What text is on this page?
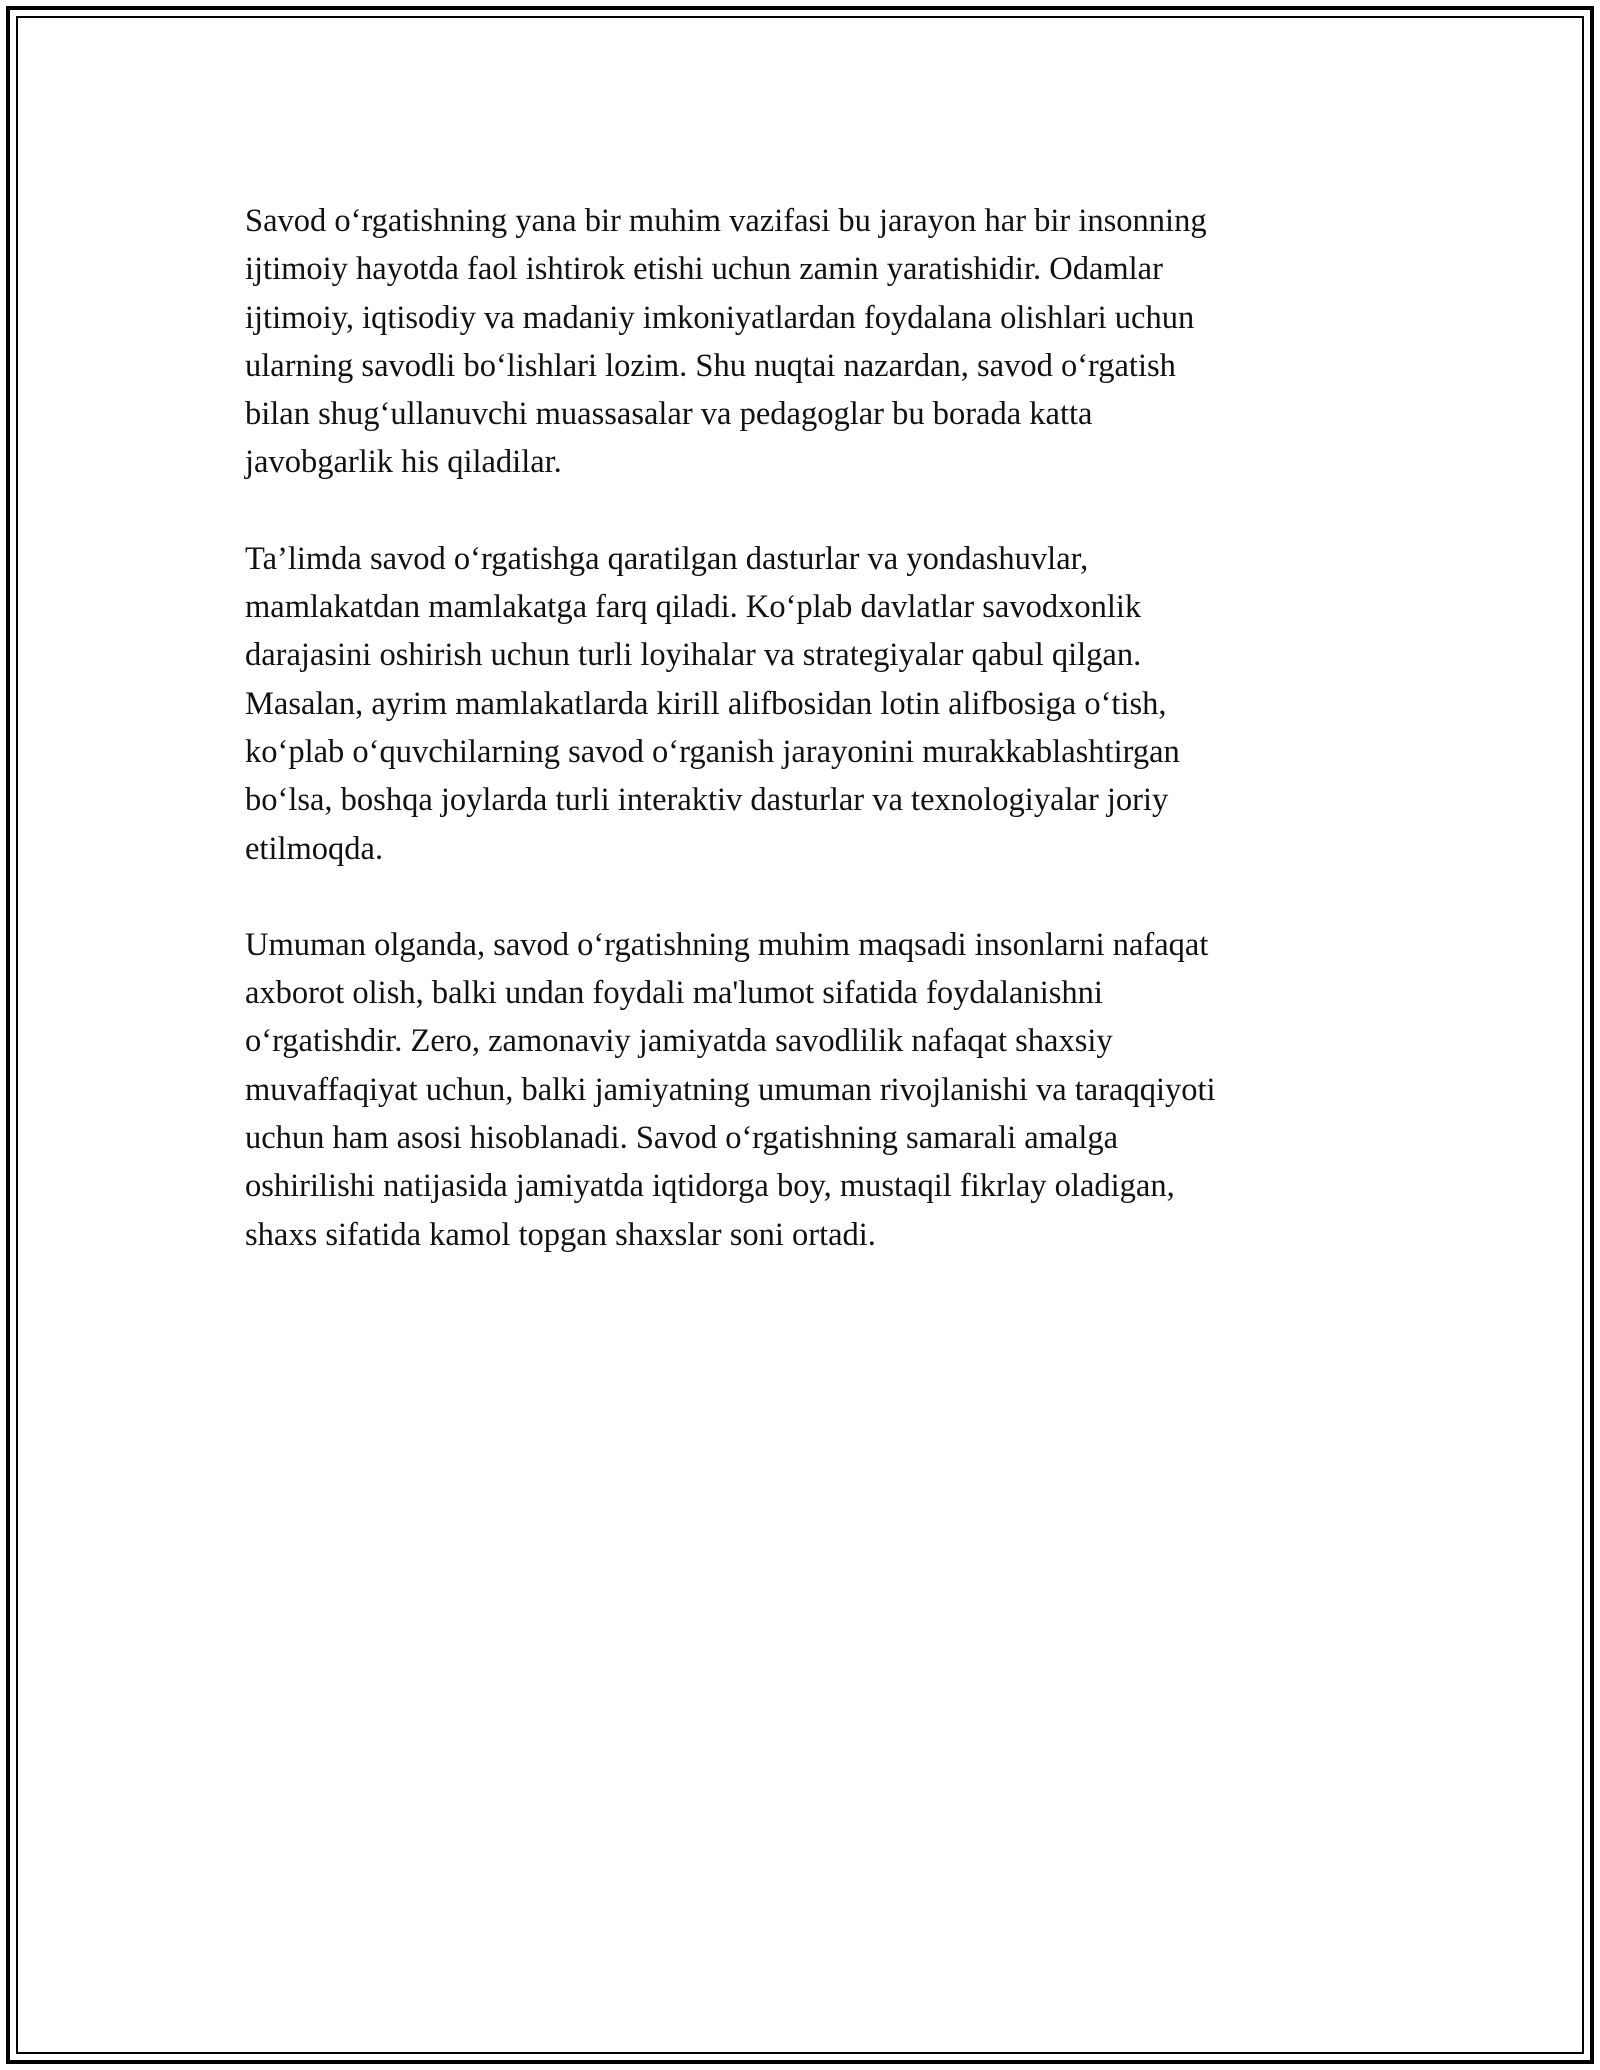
Savod o‘rgatishning yana bir muhim vazifasi bu jarayon har bir insonning
ijtimoiy hayotda faol ishtirok etishi uchun zamin yaratishidir. Odamlar
ijtimoiy, iqtisodiy va madaniy imkoniyatlardan foydalana olishlari uchun
ularning savodli bo‘lishlari lozim. Shu nuqtai nazardan, savod o‘rgatish
bilan shug‘ullanuvchi muassasalar va pedagoglar bu borada katta
javobgarlik his qiladilar.

Ta’limda savod o‘rgatishga qaratilgan dasturlar va yondashuvlar,
mamlakatdan mamlakatga farq qiladi. Ko‘plab davlatlar savodxonlik
darajasini oshirish uchun turli loyihalar va strategiyalar qabul qilgan.
Masalan, ayrim mamlakatlarda kirill alifbosidan lotin alifbosiga o‘tish,
ko‘plab o‘quvchilarning savod o‘rganish jarayonini murakkablashtirgan
bo‘lsa, boshqa joylarda turli interaktiv dasturlar va texnologiyalar joriy
etilmoqda.

Umuman olganda, savod o‘rgatishning muhim maqsadi insonlarni nafaqat
axborot olish, balki undan foydali ma'lumot sifatida foydalanishni
o‘rgatishdir. Zero, zamonaviy jamiyatda savodlilik nafaqat shaxsiy
muvaffaqiyat uchun, balki jamiyatning umuman rivojlanishi va taraqqiyoti
uchun ham asosi hisoblanadi. Savod o‘rgatishning samarali amalga
oshirilishi natijasida jamiyatda iqtidorga boy, mustaqil fikrlay oladigan,
shaxs sifatida kamol topgan shaxslar soni ortadi.
